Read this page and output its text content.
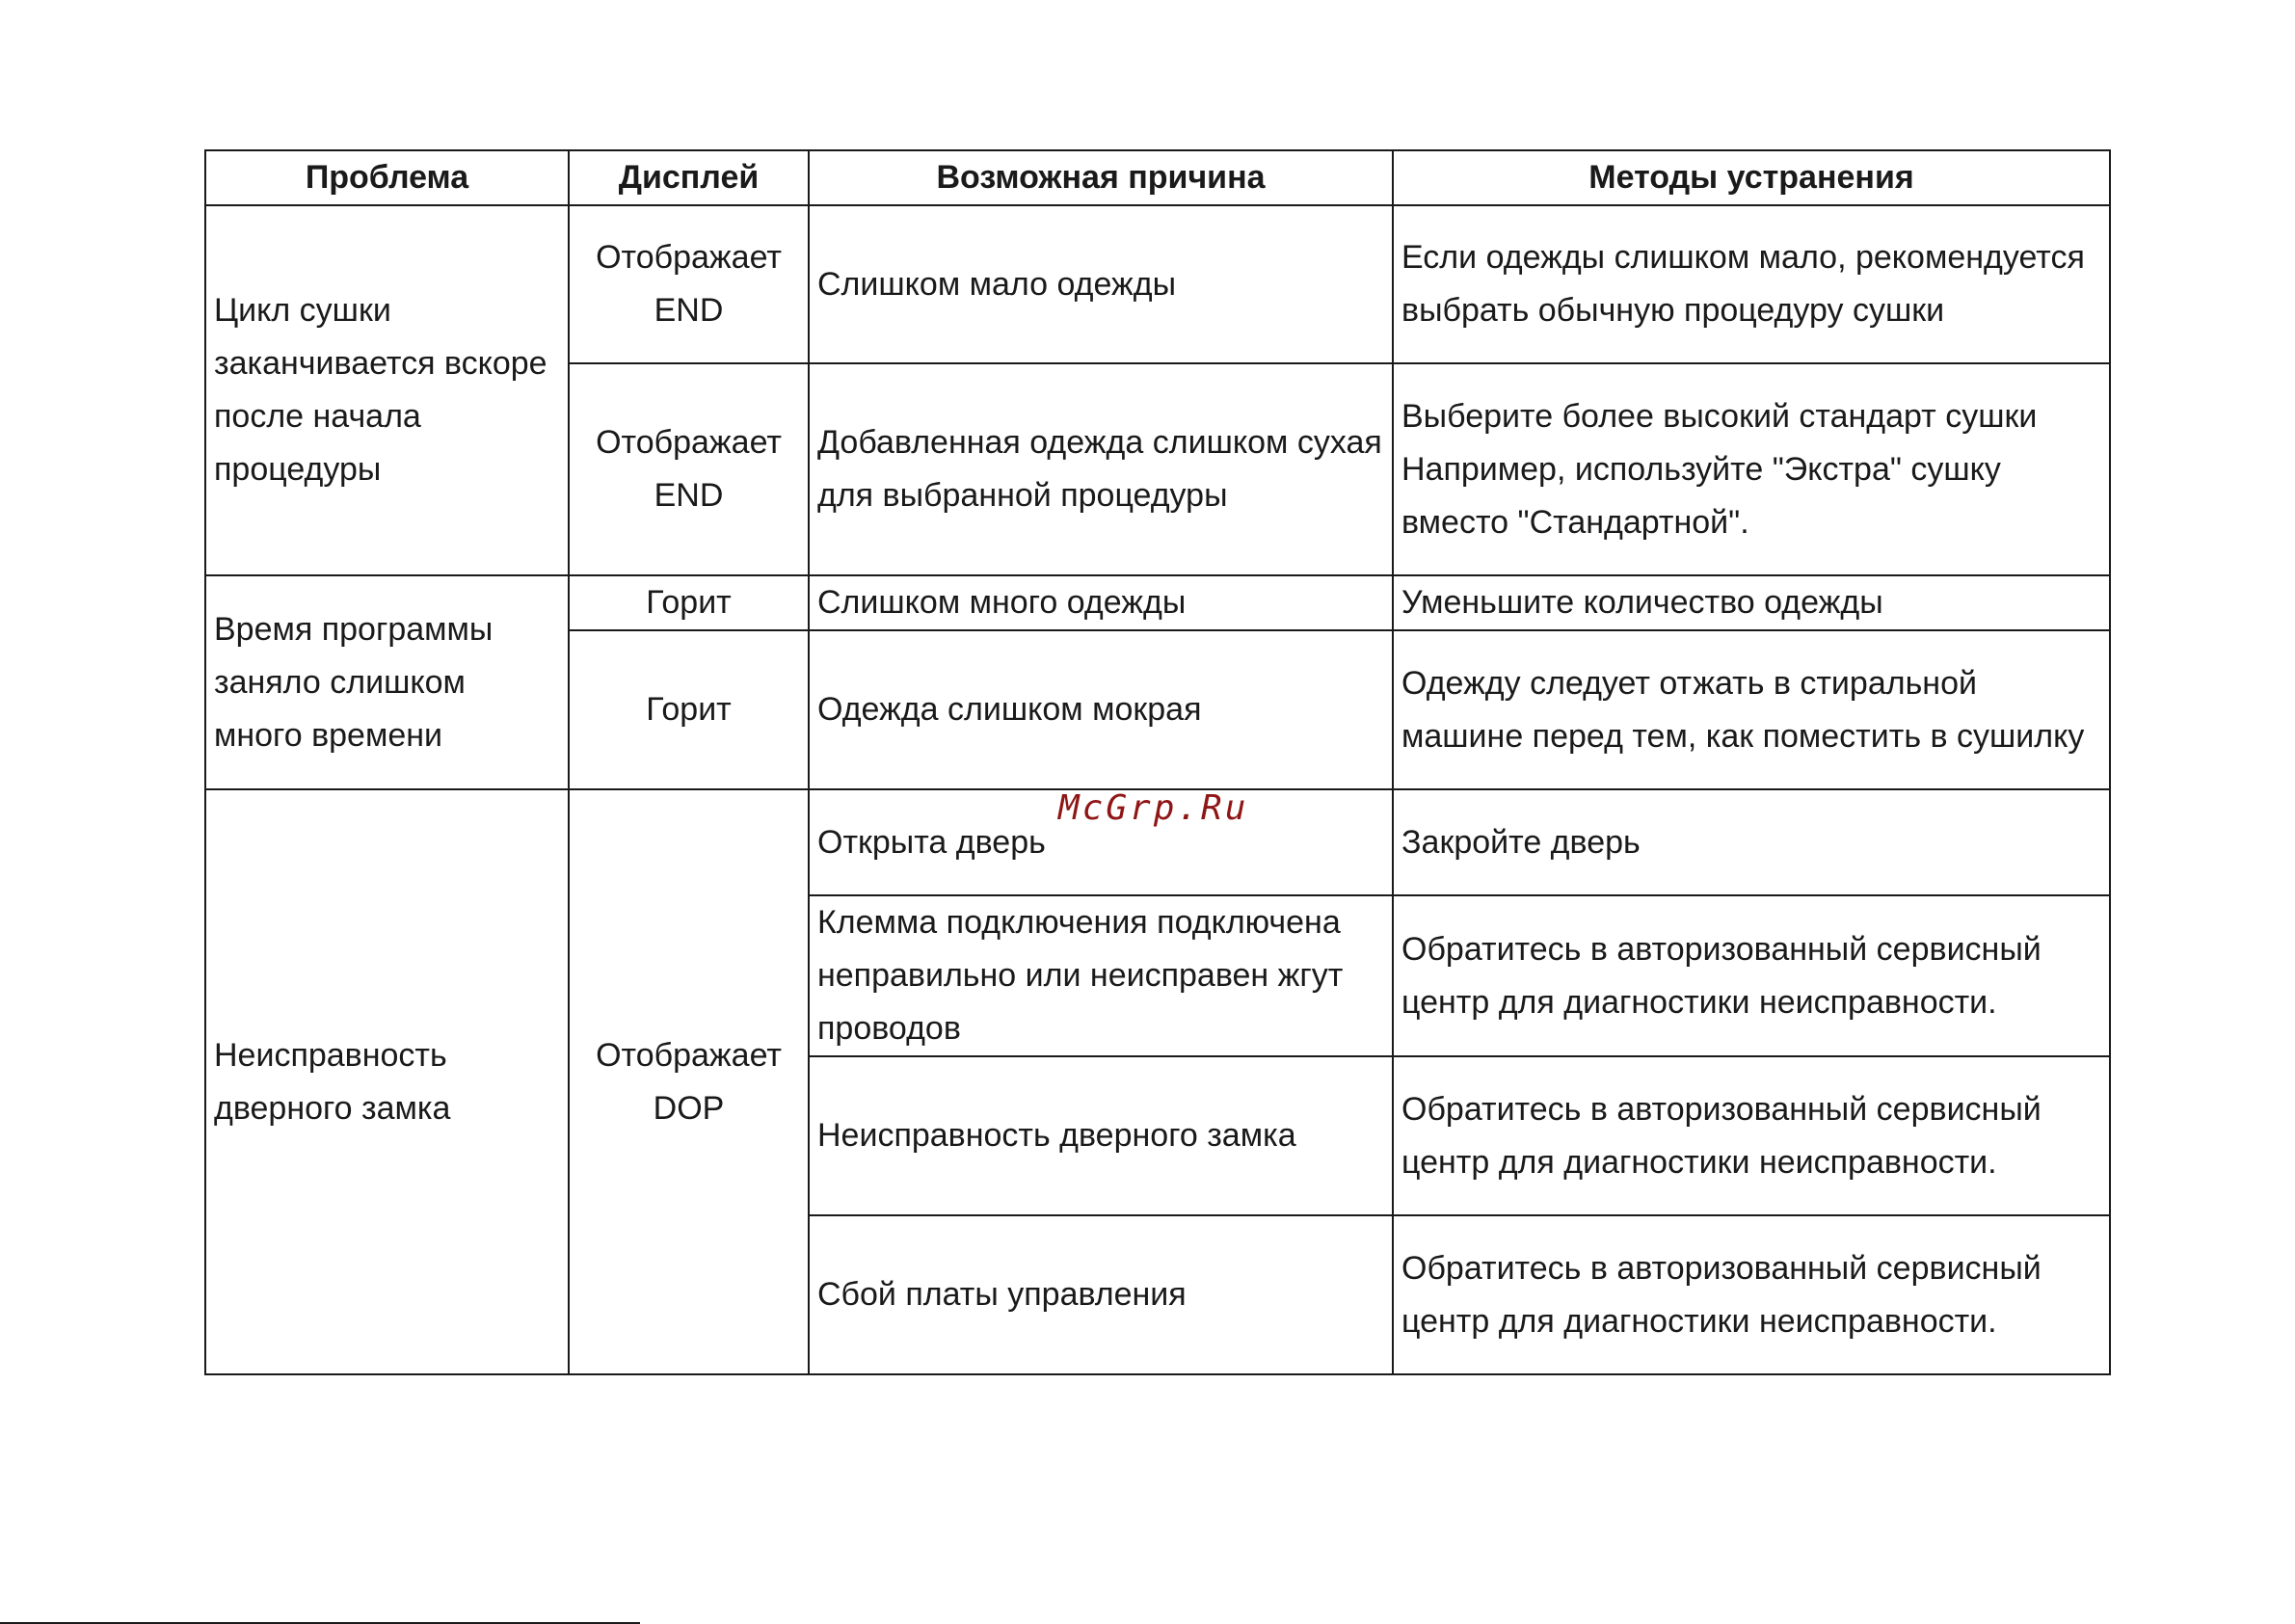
Проблема	Дисплей	Возможная причина	Методы устранения
Цикл сушки заканчивается вскоре после начала процедуры	Отображает END	Слишком мало одежды	Если одежды слишком мало, рекомендуется выбрать обычную процедуру сушки
	Отображает END	Добавленная одежда слишком сухая для выбранной процедуры	Выберите более высокий стандарт сушки Например, используйте "Экстра" сушку вместо "Стандартной".
Время программы заняло слишком много времени	Горит	Слишком много одежды	Уменьшите количество одежды
	Горит	Одежда слишком мокрая	Одежду следует отжать в стиральной машине перед тем, как поместить в сушилку
Неисправность дверного замка	Отображает DOP	Открыта дверь	Закройте дверь
		Клемма подключения подключена неправильно или неисправен жгут проводов	Обратитесь в авторизованный сервисный центр для диагностики неисправности.
		Неисправность дверного замка	Обратитесь в авторизованный сервисный центр для диагностики неисправности.
		Сбой платы управления	Обратитесь в авторизованный сервисный центр для диагностики неисправности.
McGrp.Ru
